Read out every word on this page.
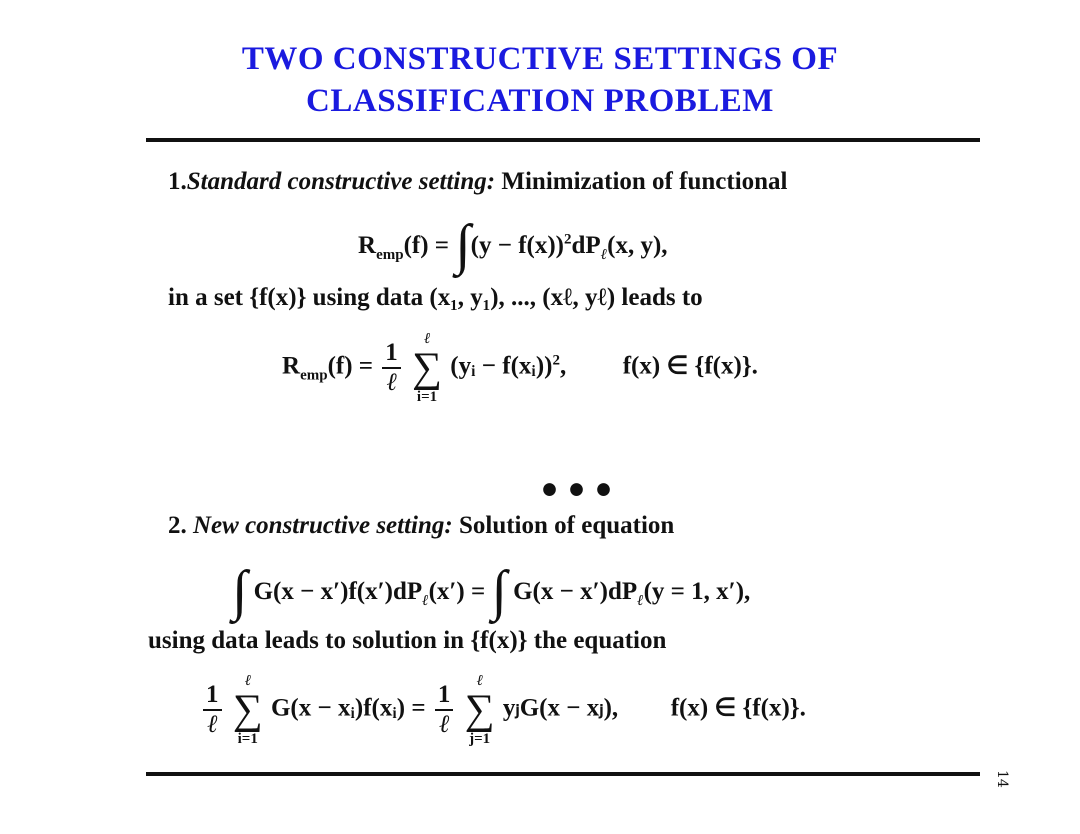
TWO CONSTRUCTIVE SETTINGS OF
CLASSIFICATION PROBLEM
1.Standard constructive setting: Minimization of functional
$R_{emp}(f) = \int(y - f(x))^2dP_\ell(x$, y),
in a set {f(x)} using data (x₁, y₁), ..., (xℓ, yℓ) leads to
$R_{emp}(f) = \frac{1}{\text{ℓ}}$
ℓ
∑
i=1
(yᵢ − f(xᵢ))$^2$, f(x) ∈ {f(x)}.
•••
2. New constructive setting: Solution of equation
∫ $G(x - x')f(x')dP_\ell(x')$ = ∫ $G(x - x')dP_\ell(y = 1$, x′),
using data leads to solution in {f(x)} the equation
$\frac{1}{\text{ℓ}}$
ℓ
∑
i=1
G(x − xᵢ)f(xᵢ) = $\frac{1}{\text{ℓ}}$
ℓ
∑
j=1
yⱼG(x − xⱼ), f(x) ∈ {f(x)}.
14
